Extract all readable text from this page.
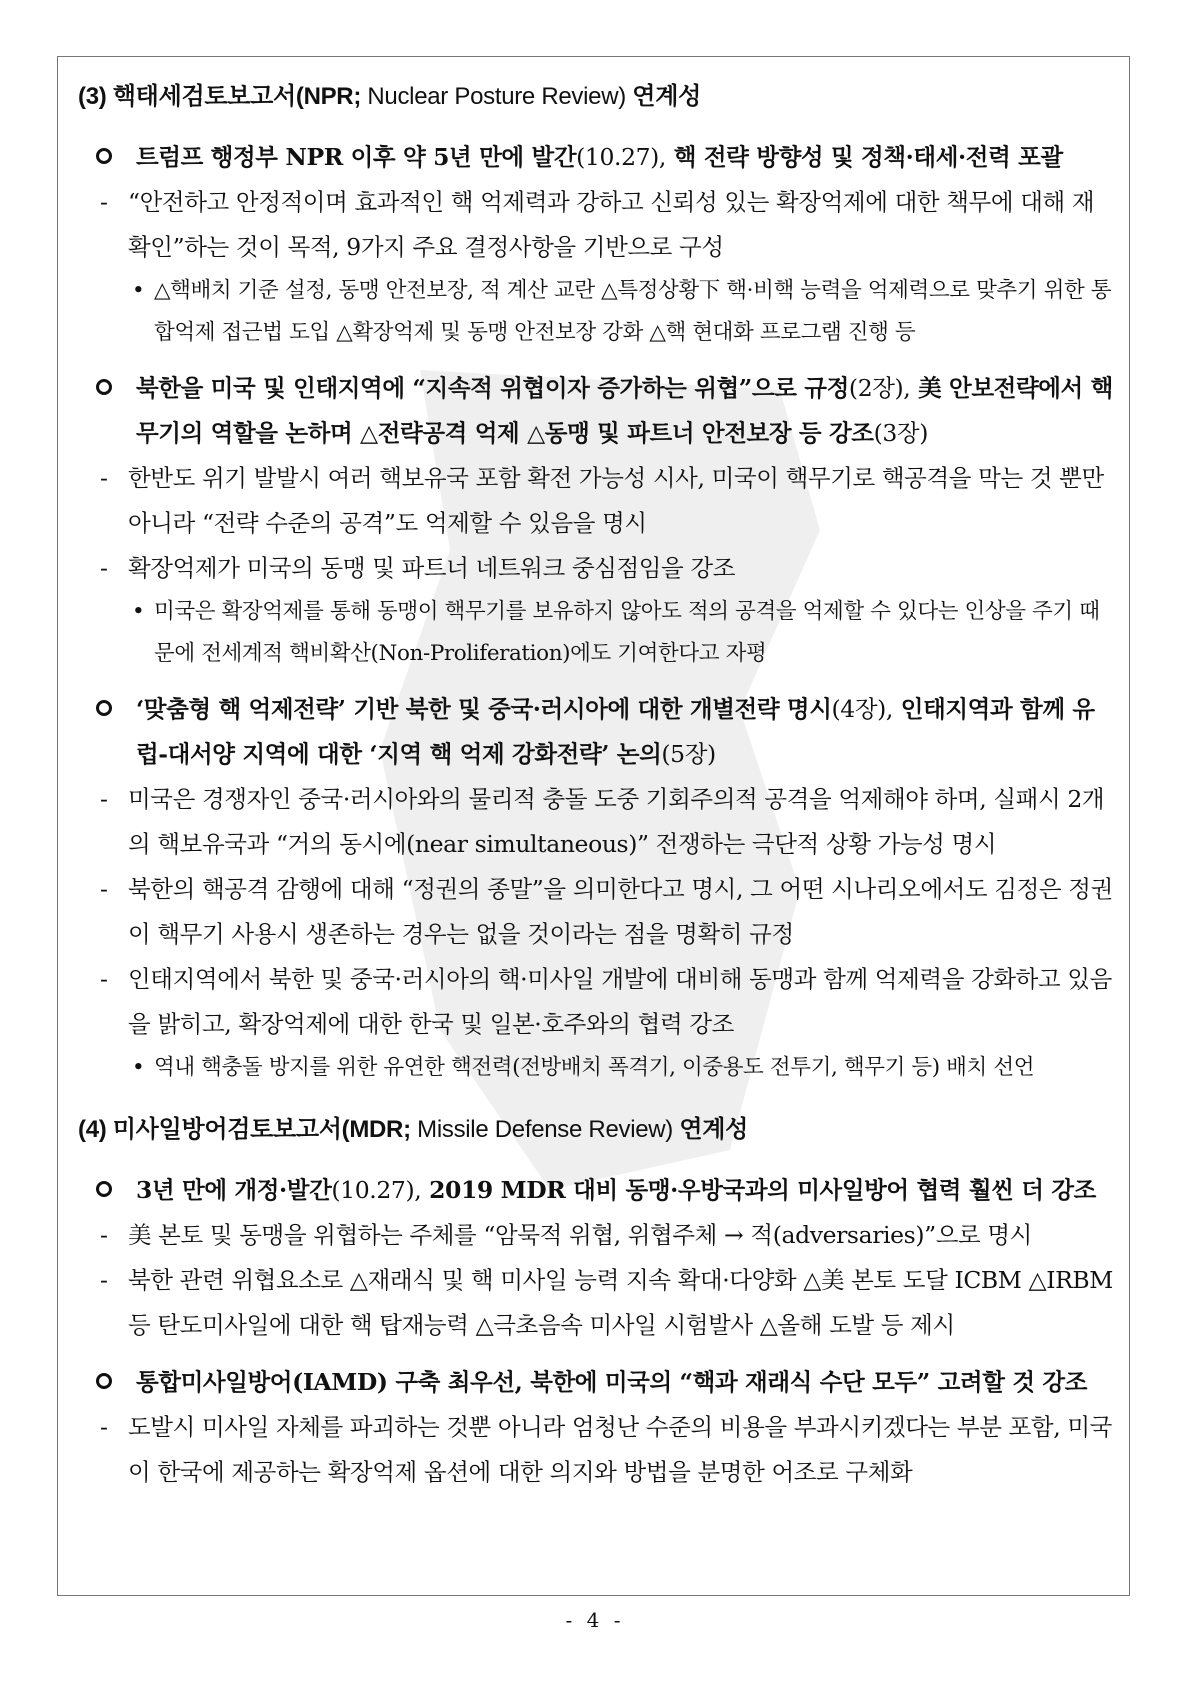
(3) 핵태세검토보고서(NPR; Nuclear Posture Review) 연계성
트럼프 행정부 NPR 이후 약 5년 만에 발간(10.27), 핵 전략 방향성 및 정책·태세·전력 포괄
- “안전하고 안정적이며 효과적인 핵 억제력과 강하고 신뢰성 있는 확장억제에 대한 책무에 대해 재확인”하는 것이 목적, 9가지 주요 결정사항을 기반으로 구성
• △핵배치 기준 설정, 동맹 안전보장, 적 계산 교란 △특정상황下 핵·비핵 능력을 억제력으로 맞추기 위한 통합억제 접근법 도입 △확장억제 및 동맹 안전보장 강화 △핵 현대화 프로그램 진행 등
북한을 미국 및 인태지역에 “지속적 위협이자 증가하는 위협”으로 규정(2장), 美 안보전략에서 핵무기의 역할을 논하며 △전략공격 억제 △동맹 및 파트너 안전보장 등 강조(3장)
- 한반도 위기 발발시 여러 핵보유국 포함 확전 가능성 시사, 미국이 핵무기로 핵공격을 막는 것 뿐만 아니라 “전략 수준의 공격”도 억제할 수 있음을 명시
- 확장억제가 미국의 동맹 및 파트너 네트워크 중심점임을 강조
• 미국은 확장억제를 통해 동맹이 핵무기를 보유하지 않아도 적의 공격을 억제할 수 있다는 인상을 주기 때문에 전세계적 핵비확산(Non-Proliferation)에도 기여한다고 자평
‘맞춤형 핵 억제전략’ 기반 북한 및 중국·러시아에 대한 개별전략 명시(4장), 인태지역과 함께 유럽-대서양 지역에 대한 ‘지역 핵 억제 강화전략’ 논의(5장)
- 미국은 경쟁자인 중국·러시아와의 물리적 충돌 도중 기회주의적 공격을 억제해야 하며, 실패시 2개의 핵보유국과 “거의 동시에(near simultaneous)” 전쟁하는 극단적 상황 가능성 명시
- 북한의 핵공격 감행에 대해 “정권의 종말”을 의미한다고 명시, 그 어떤 시나리오에서도 김정은 정권이 핵무기 사용시 생존하는 경우는 없을 것이라는 점을 명확히 규정
- 인태지역에서 북한 및 중국·러시아의 핵·미사일 개발에 대비해 동맹과 함께 억제력을 강화하고 있음을 밝히고, 확장억제에 대한 한국 및 일본·호주와의 협력 강조
• 역내 핵충돌 방지를 위한 유연한 핵전력(전방배치 폭격기, 이중용도 전투기, 핵무기 등) 배치 선언
(4) 미사일방어검토보고서(MDR; Missile Defense Review) 연계성
3년 만에 개정·발간(10.27), 2019 MDR 대비 동맹·우방국과의 미사일방어 협력 훨씬 더 강조
- 美 본토 및 동맹을 위협하는 주체를 “암묵적 위협, 위협주체 → 적(adversaries)”으로 명시
- 북한 관련 위협요소로 △재래식 및 핵 미사일 능력 지속 확대·다양화 △美 본토 도달 ICBM △IRBM 등 탄도미사일에 대한 핵 탑재능력 △극초음속 미사일 시험발사 △올해 도발 등 제시
통합미사일방어(IAMD) 구축 최우선, 북한에 미국의 “핵과 재래식 수단 모두” 고려할 것 강조
- 도발시 미사일 자체를 파괴하는 것뿐 아니라 엄청난 수준의 비용을 부과시키겠다는 부분 포함, 미국이 한국에 제공하는 확장억제 옵션에 대한 의지와 방법을 분명한 어조로 구체화
- 4 -
